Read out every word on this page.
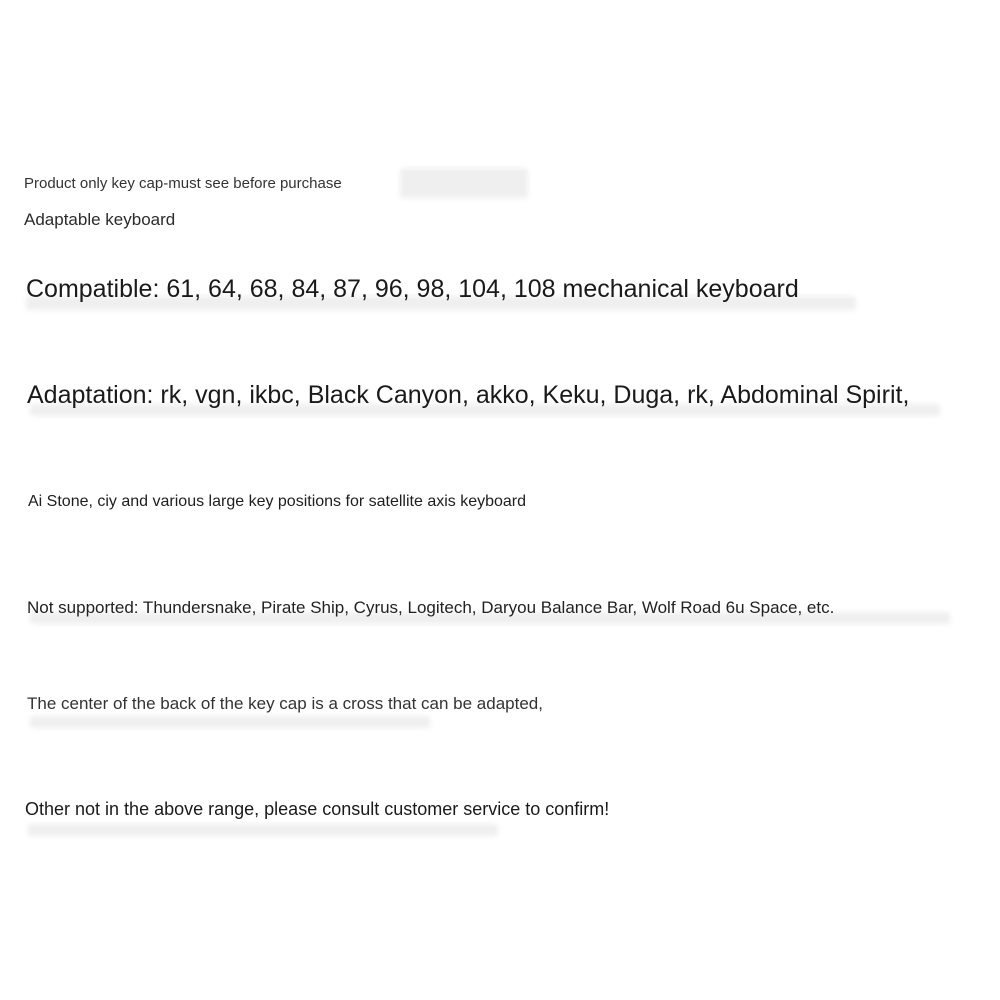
Product only key cap-must see before purchase
Adaptable keyboard
Compatible: 61, 64, 68, 84, 87, 96, 98, 104, 108 mechanical keyboard
Adaptation: rk, vgn, ikbc, Black Canyon, akko, Keku, Duga, rk, Abdominal Spirit,
Ai Stone, ciy and various large key positions for satellite axis keyboard
Not supported: Thundersnake, Pirate Ship, Cyrus, Logitech, Daryou Balance Bar, Wolf Road 6u Space, etc.
The center of the back of the key cap is a cross that can be adapted,
Other not in the above range, please consult customer service to confirm!
